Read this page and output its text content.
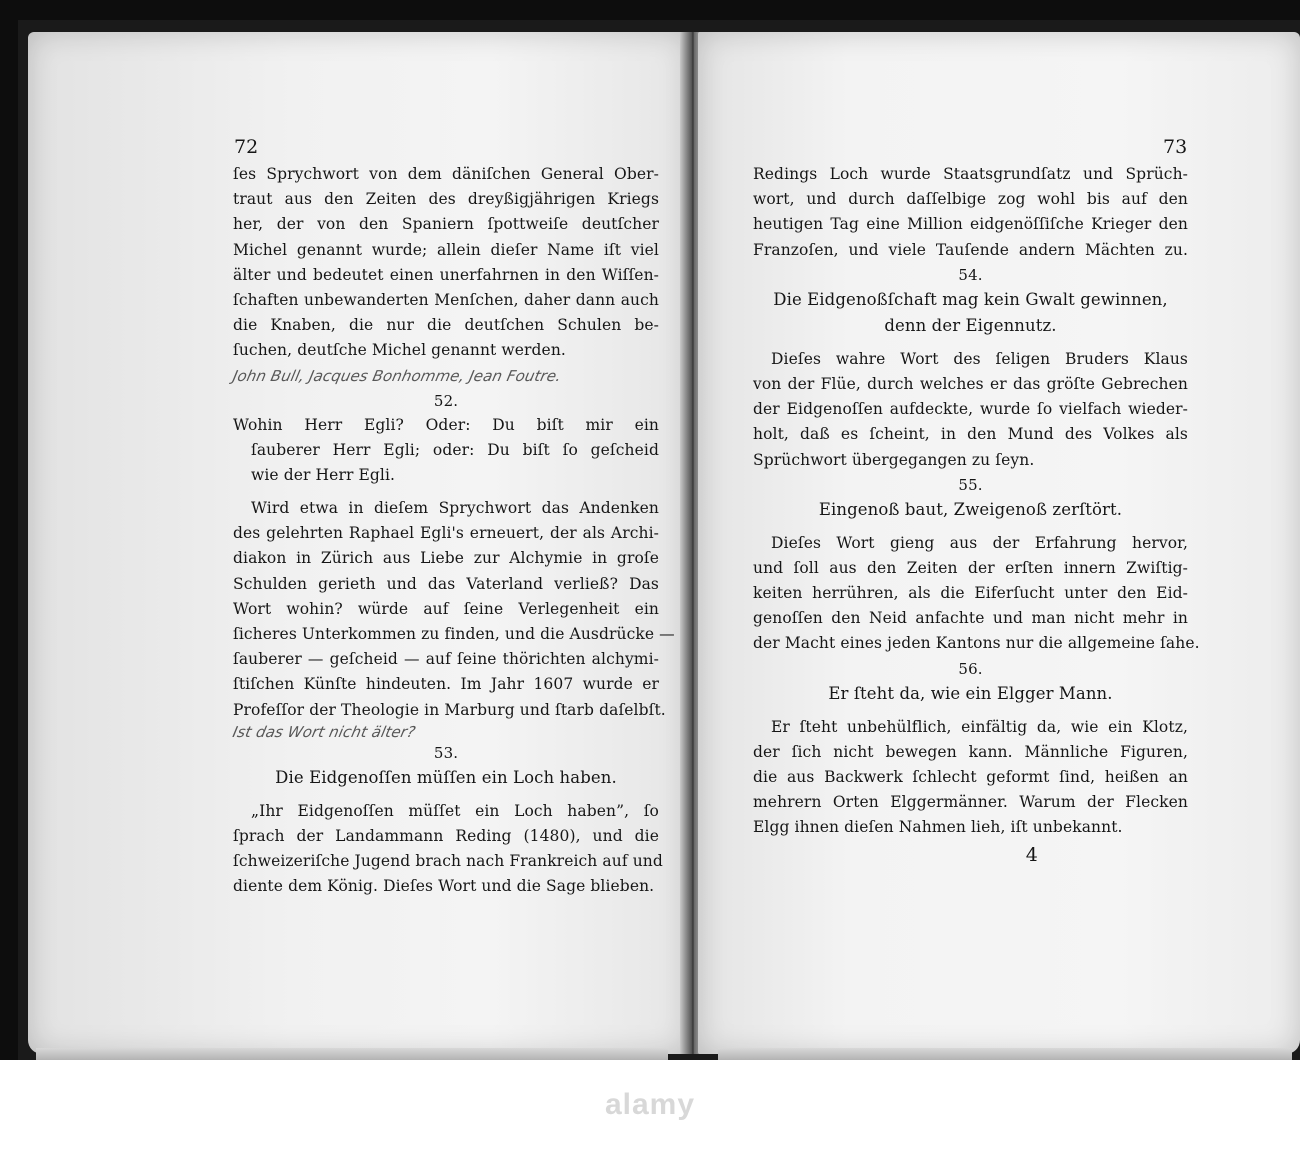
72
ſes Sprychwort von dem däniſchen General Ober-
traut aus den Zeiten des dreyßigjährigen Kriegs
her, der von den Spaniern ſpottweiſe deutſcher
Michel genannt wurde; allein dieſer Name iſt viel
älter und bedeutet einen unerfahrnen in den Wiſſen-
ſchaften unbewanderten Menſchen, daher dann auch
die Knaben, die nur die deutſchen Schulen be-
ſuchen, deutſche Michel genannt werden.
John Bull, Jacques Bonhomme, Jean Foutre.
52.
Wohin Herr Egli? Oder: Du biſt mir ein
ſauberer Herr Egli; oder: Du biſt ſo geſcheid
wie der Herr Egli.
Wird etwa in dieſem Sprychwort das Andenken
des gelehrten Raphael Egli's erneuert, der als Archi-
diakon in Zürich aus Liebe zur Alchymie in groſe
Schulden gerieth und das Vaterland verließ? Das
Wort wohin? würde auf ſeine Verlegenheit ein
ſicheres Unterkommen zu finden, und die Ausdrücke —
ſauberer — geſcheid — auf ſeine thörichten alchymi-
ſtiſchen Künſte hindeuten. Im Jahr 1607 wurde er
Profeſſor der Theologie in Marburg und ſtarb daſelbſt.
Ist das Wort nicht älter?
53.
Die Eidgenoſſen müſſen ein Loch haben.
„Ihr Eidgenoſſen müſſet ein Loch haben”, ſo
ſprach der Landammann Reding (1480), und die
ſchweizeriſche Jugend brach nach Frankreich auf und
diente dem König. Dieſes Wort und die Sage blieben.
73
Redings Loch wurde Staatsgrundſatz und Sprüch-
wort, und durch daſſelbige zog wohl bis auf den
heutigen Tag eine Million eidgenöſſiſche Krieger den
Franzoſen, und viele Tauſende andern Mächten zu.
54.
Die Eidgenoßſchaft mag kein Gwalt gewinnen,
denn der Eigennutz.
Dieſes wahre Wort des ſeligen Bruders Klaus
von der Flüe, durch welches er das gröſte Gebrechen
der Eidgenoſſen aufdeckte, wurde ſo vielfach wieder-
holt, daß es ſcheint, in den Mund des Volkes als
Sprüchwort übergegangen zu ſeyn.
55.
Eingenoß baut, Zweigenoß zerſtört.
Dieſes Wort gieng aus der Erfahrung hervor,
und ſoll aus den Zeiten der erſten innern Zwiſtig-
keiten herrühren, als die Eiferſucht unter den Eid-
genoſſen den Neid anfachte und man nicht mehr in
der Macht eines jeden Kantons nur die allgemeine ſahe.
56.
Er ſteht da, wie ein Elgger Mann.
Er ſteht unbehülflich, einfältig da, wie ein Klotz,
der ſich nicht bewegen kann. Männliche Figuren,
die aus Backwerk ſchlecht geformt ſind, heißen an
mehrern Orten Elggermänner. Warum der Flecken
Elgg ihnen dieſen Nahmen lieh, iſt unbekannt.
4
alamy
